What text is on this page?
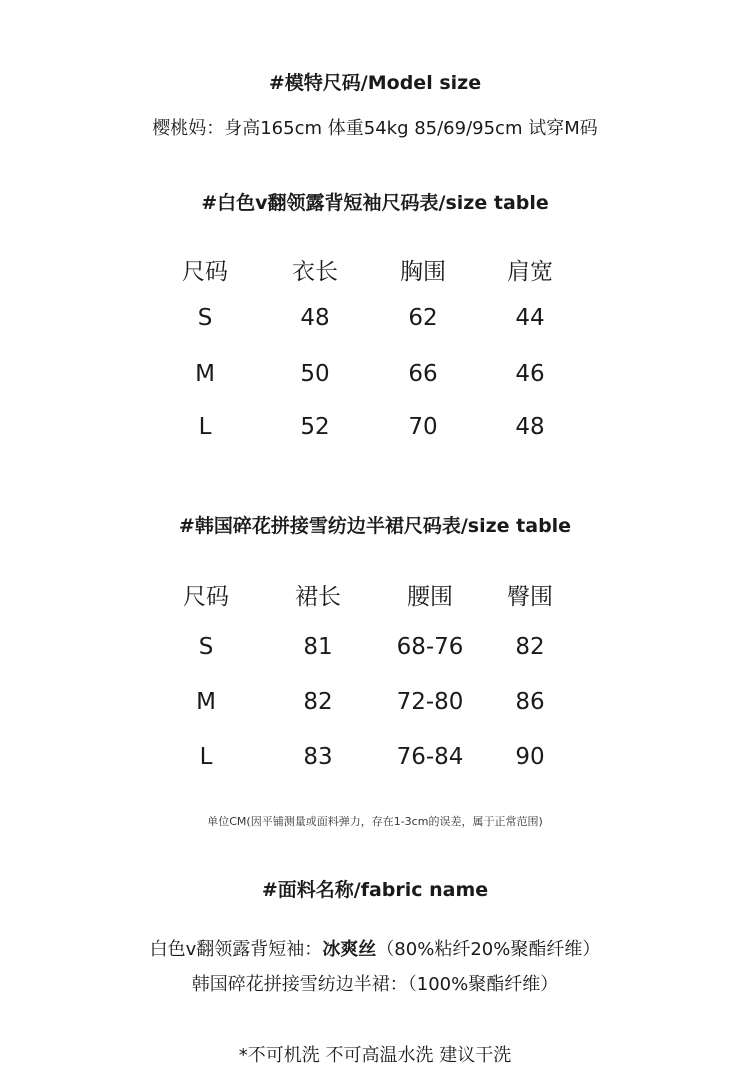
#模特尺码/Model size
樱桃妈：身高165cm 体重54kg 85/69/95cm 试穿M码
#白色v翻领露背短袖尺码表/size table
尺码	衣长	胸围	肩宽
S	48	62	44
M	50	66	46
L	52	70	48
#韩国碎花拼接雪纺边半裙尺码表/size table
尺码	裙长	腰围	臀围
S	81	68-76	82
M	82	72-80	86
L	83	76-84	90
单位CM(因平铺测量或面料弹力，存在1-3cm的误差，属于正常范围)
#面料名称/fabric name
白色v翻领露背短袖：冰爽丝（80%粘纤20%聚酯纤维）
韩国碎花拼接雪纺边半裙：（100%聚酯纤维）
*不可机洗 不可高温水洗 建议干洗
